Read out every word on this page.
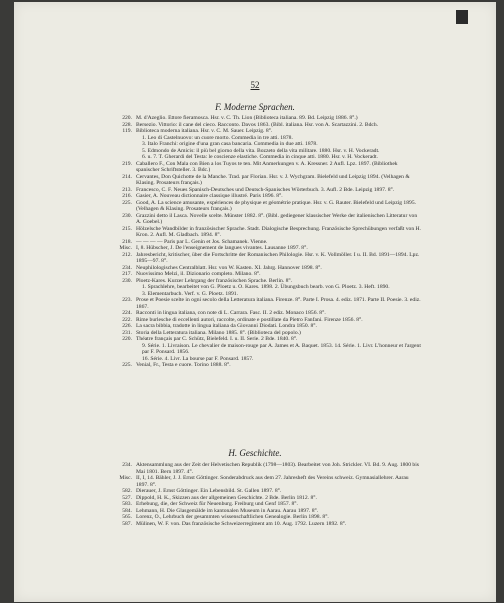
52
F. Moderne Sprachen.
220. M. d'Azeglio. Ettore fieramosca. Hsr. v. C. Th. Lion (Biblioteca italiana. 89. Bd. Leipzig 1886. 8°.)
228. Bersezio. Vittorio: il cane del cieco. Racconto. Davos 1863. (Bibl. italiana. Hsr. von A. Scartazzini. 2. Bdch.
119. Biblioteca moderna italiana. Hsr. v. C. M. Sauer. Leipzig. 8°.
1. Leo di Castelnuovo: un cuore morto. Commedia in tre atti. 1878.
3. Italo Franchi: origine d'una gran casa bancaria. Commedia in due atti. 1878.
5. Edmondo de Amicis: il più bel giorno della vita. Bozzeto della vita militare. 1880. Hsr. v. H. Vockeradt.
6. u. 7. T. Gherardi del Testa: le coscienze elastiche. Commedia in cinque atti. 1880. Hsr. v. H. Vockeradt.
219. Caballero F., Con Mala con Bien a los Tuyos te ten. Mit Anmerkungen v. A. Kressner. 2 Aufl. Lpz. 1897. (Bibliothek spanischer Schriftsteller. 3. Bdc.)
214. Cervantes, Don Quichotte de la Manche. Trad. par Florian. Hsr. v. J. Wychgram. Bielefeld und Leipzig 1894. (Velhagen & Klasing. Prosateurs français.)
213. Francesco, C. F. Neues Spanisch-Deutsches und Deutsch-Spanisches Wörterbuch. 3. Aufl. 2 Bde. Leipzig 1897. 8°.
216. Gasier, A. Nouveau dictionnaire classique illustré. Paris 1896. 8°.
225. Good, A. La science amusante, expériences de physique et géométrie pratique. Hsr. v. G. Rauter. Bielefeld und Leipzig 1895. (Velhagen & Klasing. Prosateurs français.)
230. Grazzini detto il Lasca. Novelle scelte. Münster 1882. 8°. (Bibl. gediegener klassischer Werke der italienischen Litteratur von A. Goebel.)
215. Hölzelsche Wandbilder in französischer Sprache. Stadt. Dialogische Besprechung. Französische Sprechübungen verfaßt von H. Kron. 2. Aufl. M. Gladbach. 1894. 8°.
218. — — — — Paris par L. Genin et Jos. Schamanek. Vienne.
Misc. I, 8. Hübscher, J. De l'enseignement de langues vivantes. Lausanne 1897. 8°.
212. Jahresbericht, kritischer, über die Fortschritte der Romanischen Philologie. Hsr. v. K. Vollmöller. I u. II. Bd. 1891—1894. Lpz. 1895—97. 8°.
234. Neuphilologisches Centralblatt. Hsr. von W. Kasten. XI. Jahrg. Hannover 1898. 8°.
217. Nuovissimo Melzi, il. Dizionario completo. Milano. 8°.
230. Ploetz-Kares. Kurzer Lehrgang der französischen Sprache. Berlin. 8°.
1. Sprachlehre, bearbeitet von G. Ploetz u. O. Kares. 1898. 2. Übungsbuch bearb. von G. Ploetz. 3. Heft. 1890.
3. Elementarbuch. Verf. v. G. Ploetz. 1891.
223. Prose et Poesie scelte in ogni secolo della Letteratura italiana. Firenze. 8°. Parte I. Prosa. 4. ediz. 1871. Parte II. Poesie. 3. ediz. 1867.
224. Racconti in lingua italiana, con note di L. Carrara. Fasc. II. 2 ediz. Monaco 1856. 8°.
222. Rime burlesche di eccellenti autori, raccolte, ordinate e postillate da Pietro Fanfani. Firenze 1856. 8°.
226. La sacra bibbia, tradotte in lingua italiana da Giovanni Diodati. Londra 1850. 8°.
231. Storia della Letteratura italiana. Milano 1885. 8°. (Biblioteca del popolo.)
220. Théatre français par C. Schütz, Bielefeld. I. u. II. Serie. 2 Bde. 1840. 8°.
9. Série. 1. Livraison. Le chevalier de maison-rouge par A. James et A. Baquet. 1853. 14. Série. 1. Livr. L'honneur et l'argent par F. Ponsard. 1856.
16. Série. 4. Livr. La bourse par F. Ponsard. 1857.
225. Venial, Fr., Testa e cuore. Torino 1888. 8°.
H. Geschichte.
234. Aktensammlung aus der Zeit der Helvetischen Republik (1798—1803). Bearbeitet von Joh. Strickler. VI. Bd. 9. Aug. 1800 bis Mai 1801. Bern 1897. 4°.
Misc. II, I, 14. Bähler, J. J. Ernst Göttinger. Sonderabdruck aus dem 27. Jahresheft des Vereins schweiz. Gymnasiallehrer. Aarau 1897. 8°.
582. Dierauer, J. Ernst Göttinger. Ein Lebensbild. St. Gallen 1897. 8°.
527. Dippold, H. K., Skizzen aus der allgemeinen Geschichte. 2 Bde. Berlin 1812. 8°.
583. Erhebung, die, der Schweiz für Neuenburg. Freiburg und Genf 1857. 8°.
584. Lehmann, H. Die Glasgemälde im kantonalen Museum in Aarau. Aarau 1897. 8°.
565. Lorenz, O., Lehrbuch der gesammten wissenschaftlichen Genealogie. Berlin 1898. 8°.
587. Mülinen, W. F. von. Das französische Schweizerregiment am 10. Aug. 1792. Luzern 1892. 8°.
